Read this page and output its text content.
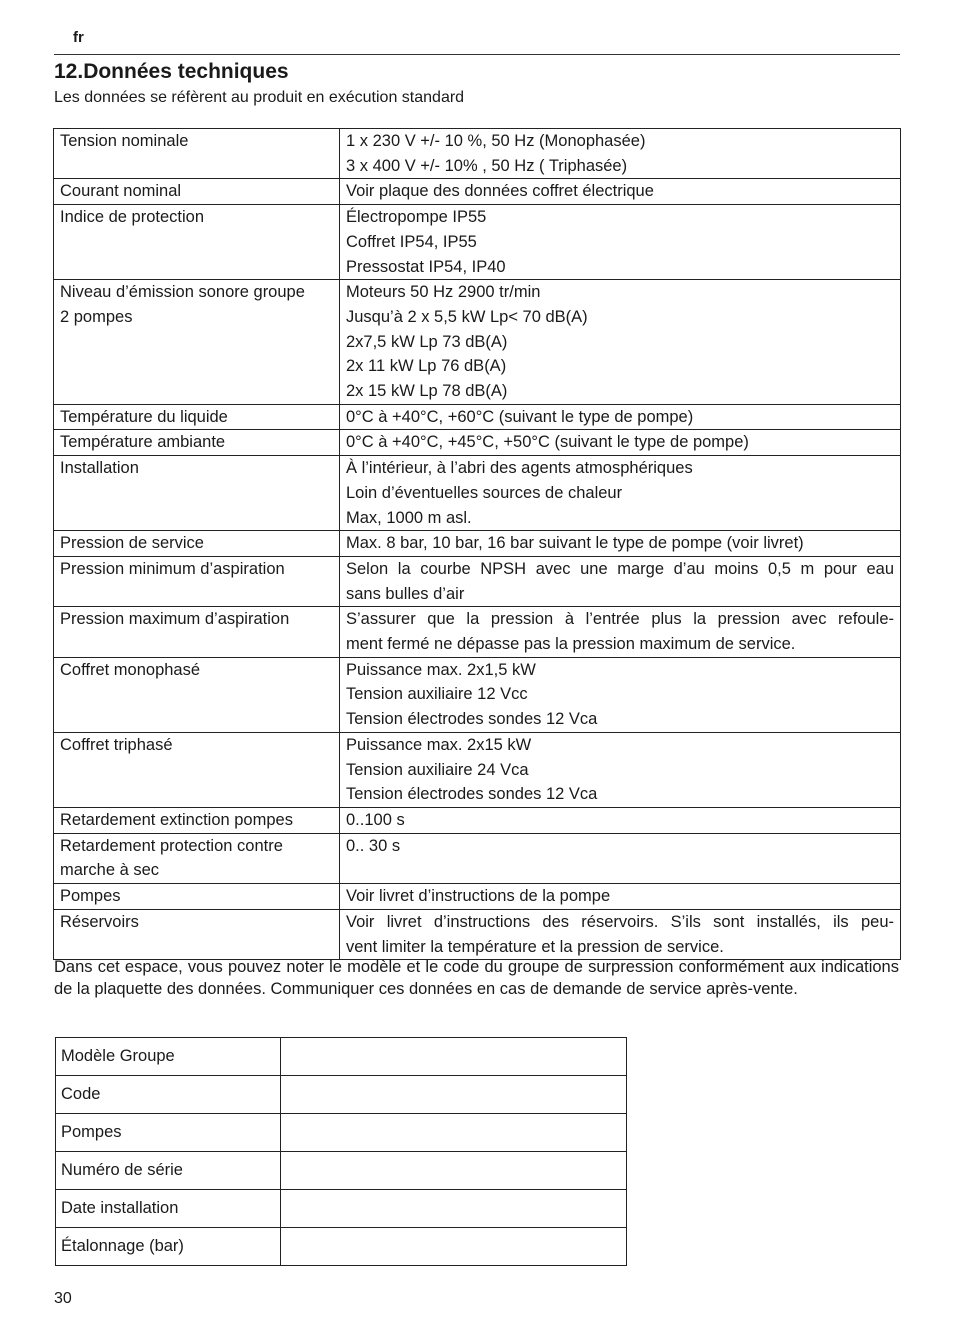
fr
12.Données techniques
Les données se réfèrent au produit en exécution standard
Tension nominale	1 x 230 V +/- 10 %, 50 Hz (Monophasée)
3 x 400 V +/- 10% , 50 Hz ( Triphasée)

Courant nominal	Voir plaque des données coffret électrique

Indice de protection	Électropompe IP55
Coffret IP54, IP55
Pressostat IP54, IP40

Niveau d’émission sonore groupe
2 pompes	Moteurs 50 Hz 2900 tr/min
Jusqu’à 2 x 5,5 kW Lp< 70 dB(A)
2x7,5 kW Lp 73 dB(A)
2x 11 kW Lp 76 dB(A)
2x 15 kW Lp 78 dB(A)

Température du liquide	0°C à +40°C, +60°C (suivant le type de pompe)

Température ambiante	0°C à +40°C, +45°C, +50°C (suivant le type de pompe)

Installation	À l’intérieur, à l’abri des agents atmosphériques
Loin d’éventuelles sources de chaleur
Max, 1000 m asl.

Pression de service	Max. 8 bar, 10 bar, 16 bar suivant le type de pompe (voir livret)

Pression minimum d’aspiration	Selon la courbe NPSH avec une marge d’au moins 0,5 m pour eau
sans bulles d’air

Pression maximum d’aspiration	S’assurer que la pression à l’entrée plus la pression avec refoule-
ment fermé ne dépasse pas la pression maximum de service.

Coffret monophasé	Puissance max. 2x1,5 kW
Tension auxiliaire 12 Vcc
Tension électrodes sondes 12 Vca

Coffret triphasé	Puissance max. 2x15 kW
Tension auxiliaire 24 Vca
Tension électrodes sondes 12 Vca

Retardement extinction pompes	0..100 s

Retardement protection contre
marche à sec	0.. 30 s

Pompes	Voir livret d’instructions de la pompe

Réservoirs	Voir livret d’instructions des réservoirs. S’ils sont installés, ils peu-
vent limiter la température et la pression de service.
Dans cet espace, vous pouvez noter le modèle et le code du groupe de surpression conformément aux indications de la plaquette des données. Communiquer ces données en cas de demande de service après-vente.
Modèle Groupe	
Code	
Pompes	
Numéro de série	
Date installation	
Étalonnage (bar)	
30
